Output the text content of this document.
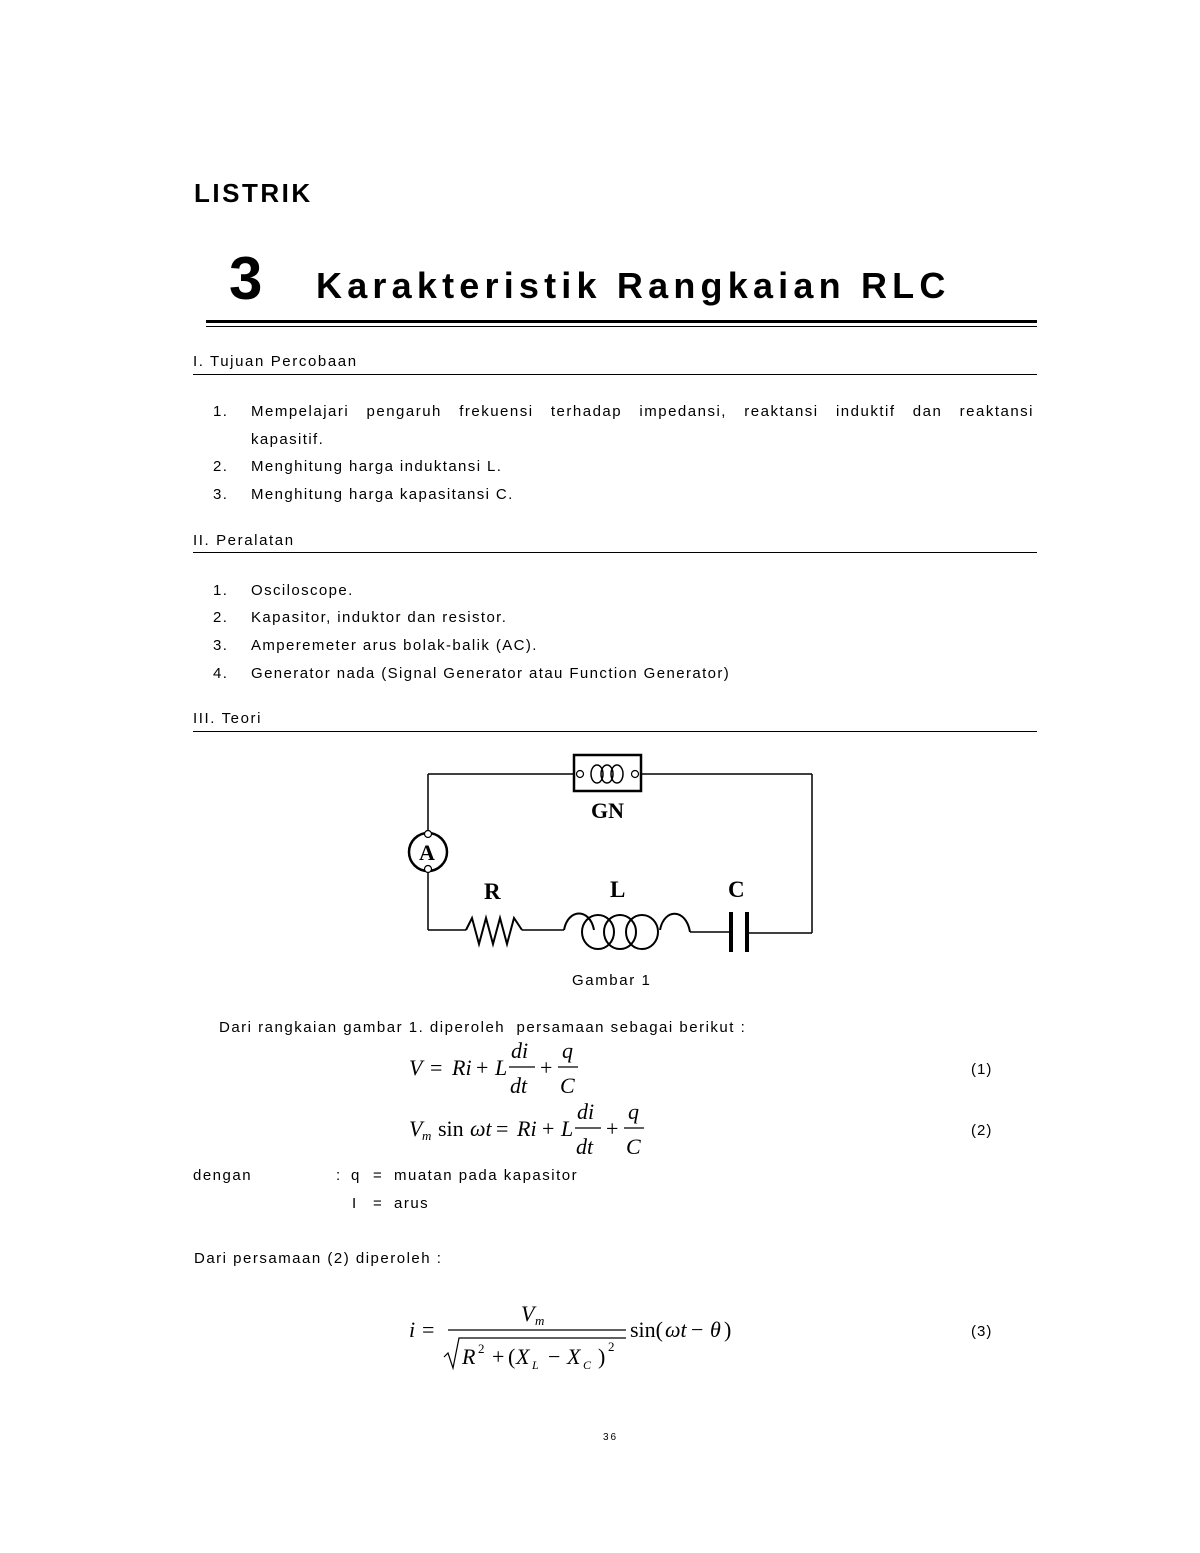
LISTRIK
3 Karakteristik Rangkaian RLC
I. Tujuan Percobaan
1. Mempelajari pengaruh frekuensi terhadap impedansi, reaktansi induktif dan reaktansi
kapasitif.
2. Menghitung harga induktansi L.
3. Menghitung harga kapasitansi C.
II. Peralatan
1. Osciloscope.
2. Kapasitor, induktor dan resistor.
3. Amperemeter arus bolak-balik (AC).
4. Generator nada (Signal Generator atau Function Generator)
III. Teori
GN
A
R	L	C
Gambar 1
Dari rangkaian gambar 1. diperoleh  persamaan sebagai berikut :
V = Ri + L
di
dt
+
q
C
(1)
V m sin ωt = Ri + L
di
dt
+
q
C
(2)
dengan	: q = muatan pada kapasitor
I = arus
Dari persamaan (2) diperoleh :
i =
V m
R 2 + ( X L − X C ) 2
sin( ωt − θ )	(3)
36
